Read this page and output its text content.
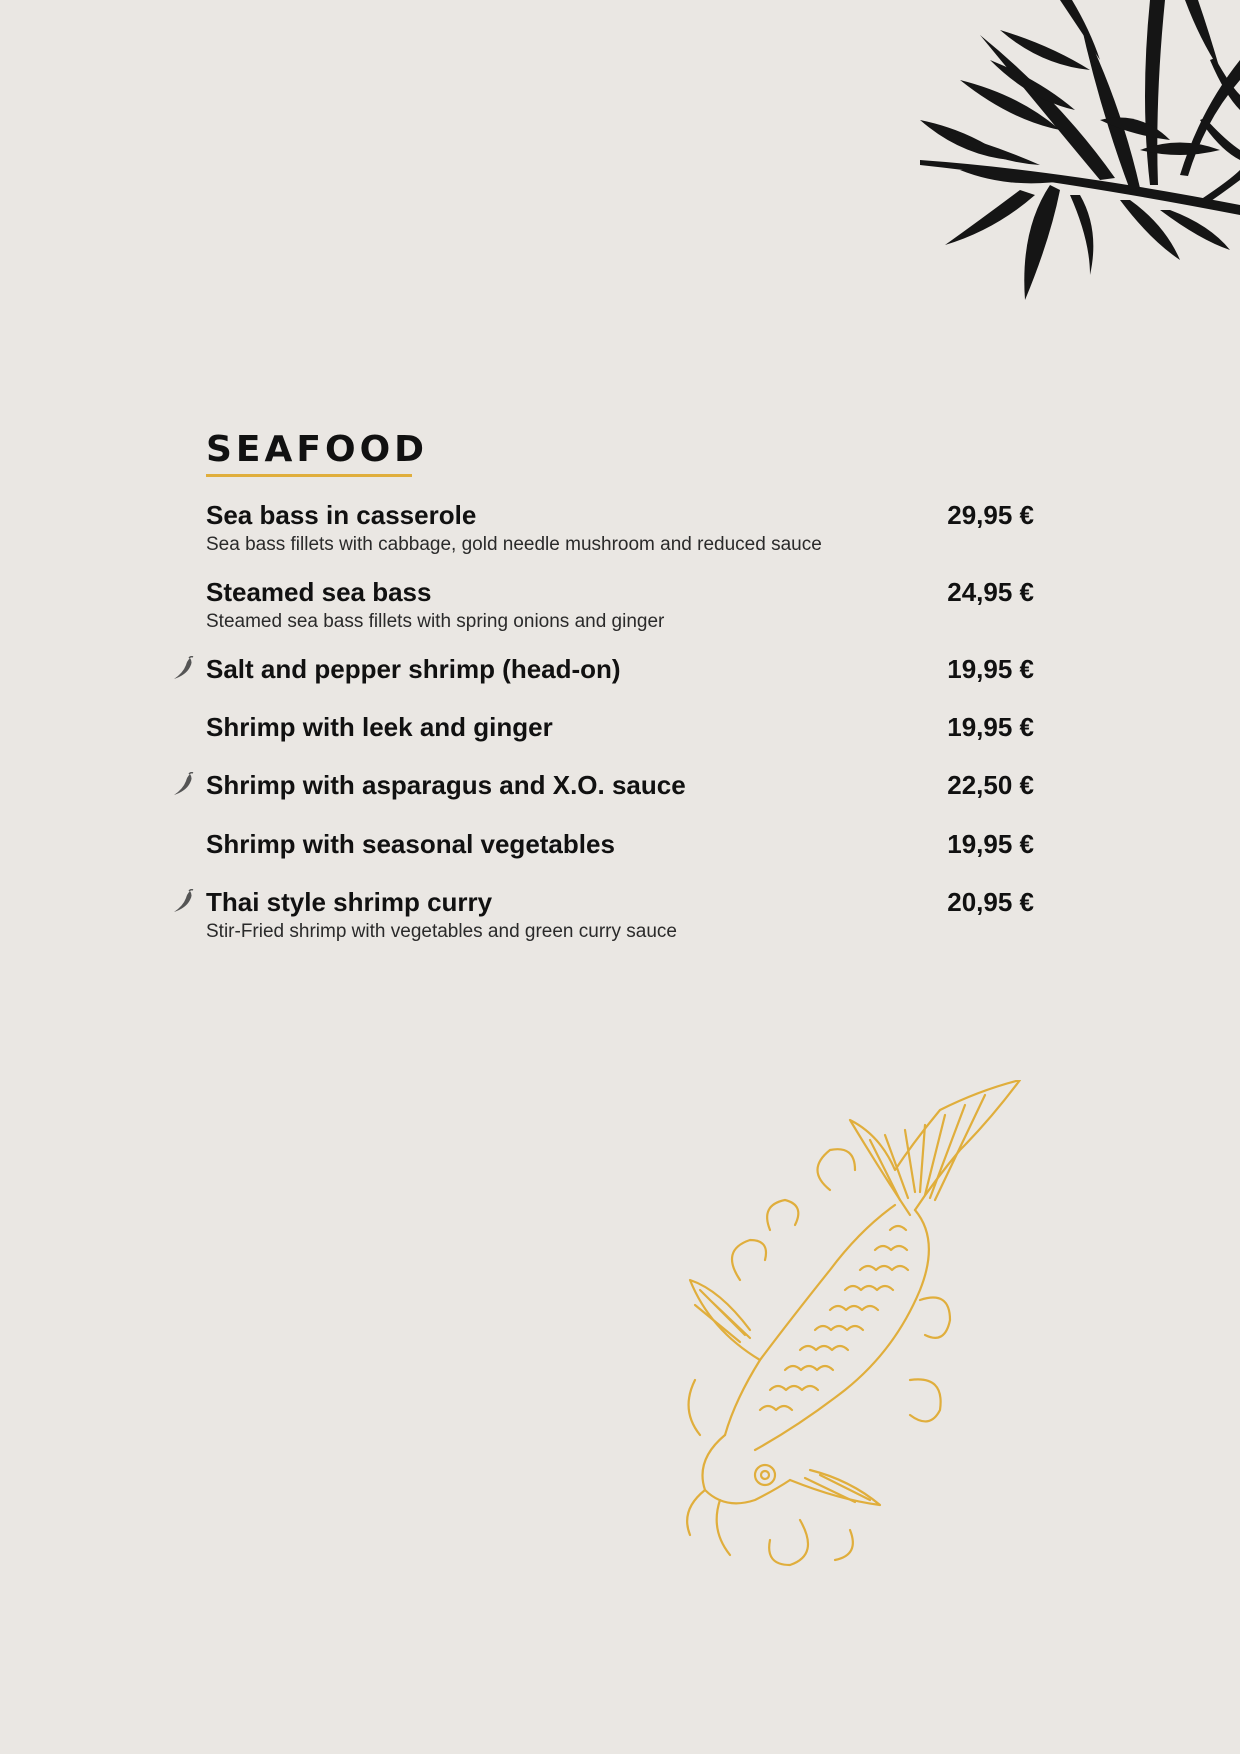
SEAFOOD
Sea bass in casserole	29,95 €
Sea bass fillets with cabbage, gold needle mushroom and reduced sauce
Steamed sea bass	24,95 €
Steamed sea bass fillets with spring onions and ginger
Salt and pepper shrimp (head-on)	19,95 €
Shrimp with leek and ginger	19,95 €
Shrimp with asparagus and X.O. sauce	22,50 €
Shrimp with seasonal vegetables	19,95 €
Thai style shrimp curry	20,95 €
Stir-Fried shrimp with vegetables and green curry sauce
